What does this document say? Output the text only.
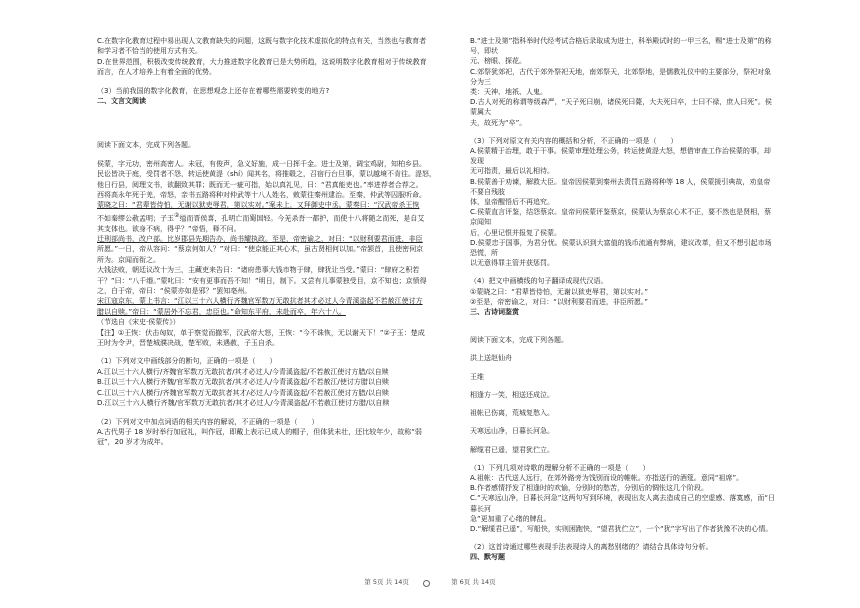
C.在数字化教育过程中易出现人文教育缺失的问题，这既与数字化技术虚拟化的特点有关，当然也与教育者

和学习者不恰当的使用方式有关。

D.在世界范围，积极改变传统教育，大力推进数字化教育已是大势所趋，这说明数字化教育相对于传统教育

而言，在人才培养上有着全面的优势。

（3）当前我国的数字化教育，在思想观念上还存在着哪些需要转变的地方?

二、文言文阅读

阅读下面文本，完成下列各题。

侯蒙，字元功，密州高密人。未冠，有俊声，急义好施，成一日挥千金。进士及第，调宝鸡尉，知柏乡县。

民讼皆决于庭，受罚者不怨，转运使黄湜（shí）闻其名，将推毂之，召宿行台旦事，蒙以越境不肯往。湜怒，

他日行县，阅理文书，欲翻致其罪；既而无一疵可指，始以真礼见，曰：“君真能吏也。”率进荐者合荐之。

西将高永年死于羌，帝怒，亲书五路将种对仲武等十八人姓名，敕蒙往秦州逮治。至秦，仲武等囚服听命。

蒙晓之曰：“君辈皆侍怕，无谢以狱吏辱君，第以实对。”案未上，又拜御史中丞。蒙奏曰：“汉武帝杀王恢

不如秦缪公赦孟明；子玉②缢而晋侯喜，孔明亡而蜀国轻。今羌杀吾一都护，而使十八将随之而死，是自艾

其支体也。欲身不病，得乎？”帝悟，释不问。

迁刑部尚书，改户部。比岁郡县先期告办，尚书耀执政。至是，帝密谕之，对曰：“以财利要君而进，非臣

所愿。”一日，帝从容问：“蔡京何如人？”对曰：“使京能正其心术，虽古贤相何以加。”帝颔首，且使密伺京

所为。京闻而衔之。

大钱法败，朝廷议改十为三，主藏吏来告曰：“诸府患事大钱市物于肆，肆犹让当受。”蒙曰：“肆府之积若

干？”曰：“八千缗。”蒙叱曰：“安有更事而吾不知！”明日，制下。又尝有儿事蒙独受目，京不知也；京愤得

之，白于帝，帝曰：“侯蒙亦如是邪？”罢知亳州。

宋江寇京东，蒙上书言：“江以三十六人横行齐魏官军数万无敢抗者其才必过人今青溪盗起不若赦江使讨方

腊以自赎。”帝曰：“蒙居外不忘君，忠臣也。”命知东平府，未赴而卒，年六十八。

（节选自《宋史·侯蒙传》）

【注】①王恢：伏击匈奴，单于察觉而撤军，汉武帝大怒，王恢：“今不诛恢，无以谢天下！”②子玉：楚成

王时为令尹，晋楚城濮决战，楚军败，未遇赦，子玉自杀。

（1）下列对文中画线部分的断句，正确的一项是（　　）

A.江以三十六人横行/齐魏官军数万无敢抗者/其才必过人/今青溪盗起/不若赦江使讨方腊/以自赎

B.江以三十六人横行齐魏/官军数万无敢抗者/其才必过人/今青溪盗起/不若赦江/使讨方腊以自赎

C.江以三十六人横行/齐魏官军数万无敢抗者其才/必过人/今青溪盗起/不若赦江使讨方腊/以自赎

D.江以三十六人横行齐魏/官军数万无敢抗者/其才必过人/今青溪盗起/不若赦江使讨方腊/以自赎

（2）下列对文中加点词语的相关内容的解说，不正确的一项是（　　）

A.古代男子 18 岁时举行加冠礼，叫作冠，即戴上表示已成人的帽子，但体犹未壮，还比较年少，故称“弱

冠”，20 岁才为成年。

B.“进士及第”指科举时代经考试合格后录取成为进士，科举殿试时的一甲三名，赐“进士及第”的称号，即状

元、榜眼、探花。

C.郊祭犹郊祀，古代于郊外祭祀天地，南郊祭天，北郊祭地，是儒教礼仪中的主要部分，祭祀对象分为三

类：天神、地祇、人鬼。

D.古人对死的称谓等级森严，“天子死曰崩，诸侯死曰薨，大夫死曰卒，士曰不禄，庶人曰死”。侯蒙属大

夫，故死为“卒”。

（3）下列对原文有关内容的概括和分析，不正确的一项是（　　）

A.侯蒙精于治理，敢于干事。侯蒙审理处理公务，转运使黄湜大怒，想借审查工作治侯蒙的事，却发现

无可指责，最后以礼相待。

B.侯蒙善于劝谏，解救大臣。皇帝因侯蒙到秦州去责罚五路将种等 18 人，侯蒙援引典故，劝皇帝不要自残肢

体，皇帝醒悟后不再追究。

C.侯蒙直言评鉴，结怨蔡京。皇帝问侯蒙评鉴蔡京，侯蒙认为蔡京心术不正，要不然也是贤相，蔡京闻知

后，心里记恨并报复了侯蒙。

D.侯蒙忠于国事，为君分忧。侯蒙认识到大富值的钱币流通有弊病，建议改革，但又不想引起市场恐慌，所

以无意得罪主管并获惩罚。

（4）把文中画横线的句子翻译成现代汉语。

①蒙晓之曰：“君辈皆侍怕，无谢以狱吏辱君，第以实对。”

②至是，帝密谕之，对曰：“以财利要君而进，非臣所愿。”

三、古诗词鉴赏

阅读下面文本，完成下列各题。

洪上送赵仙舟

王维

相逢方一笑，相送还成泣。

祖帐已伤离，荒城复愁入。

天寒远山净，日暮长河急。

解缆君已遥，望君犹伫立。

（1）下列几项对诗歌的理解分析不正确的一项是（　　）

A.祖帐：古代送人远行，在郊外路旁为饯别而设的帷帐。亦指送行的酒筵。意同“祖席”。

B.作者感情抒发了相逢时的欢愉，分别时的愁苦，分别后的惆怅这几个阶段。

C.“天寒远山净，日暮长河急”这两句写到环境，表现出友人离去造成自己的空虚感、落寞感，而“日暮长河

急”更加重了心绪的牌乱。

D.“解缆君已遥”，写船快，实则困跑快，“望君犹伫立”，一个“犹”字写出了作者犹豫不决的心情。

（2）这首诗通过哪些表现手法表现诗人的离愁别绪的？请结合具体诗句分析。

四、默写题

第 5页 共 14页	第 6页 共 14页
